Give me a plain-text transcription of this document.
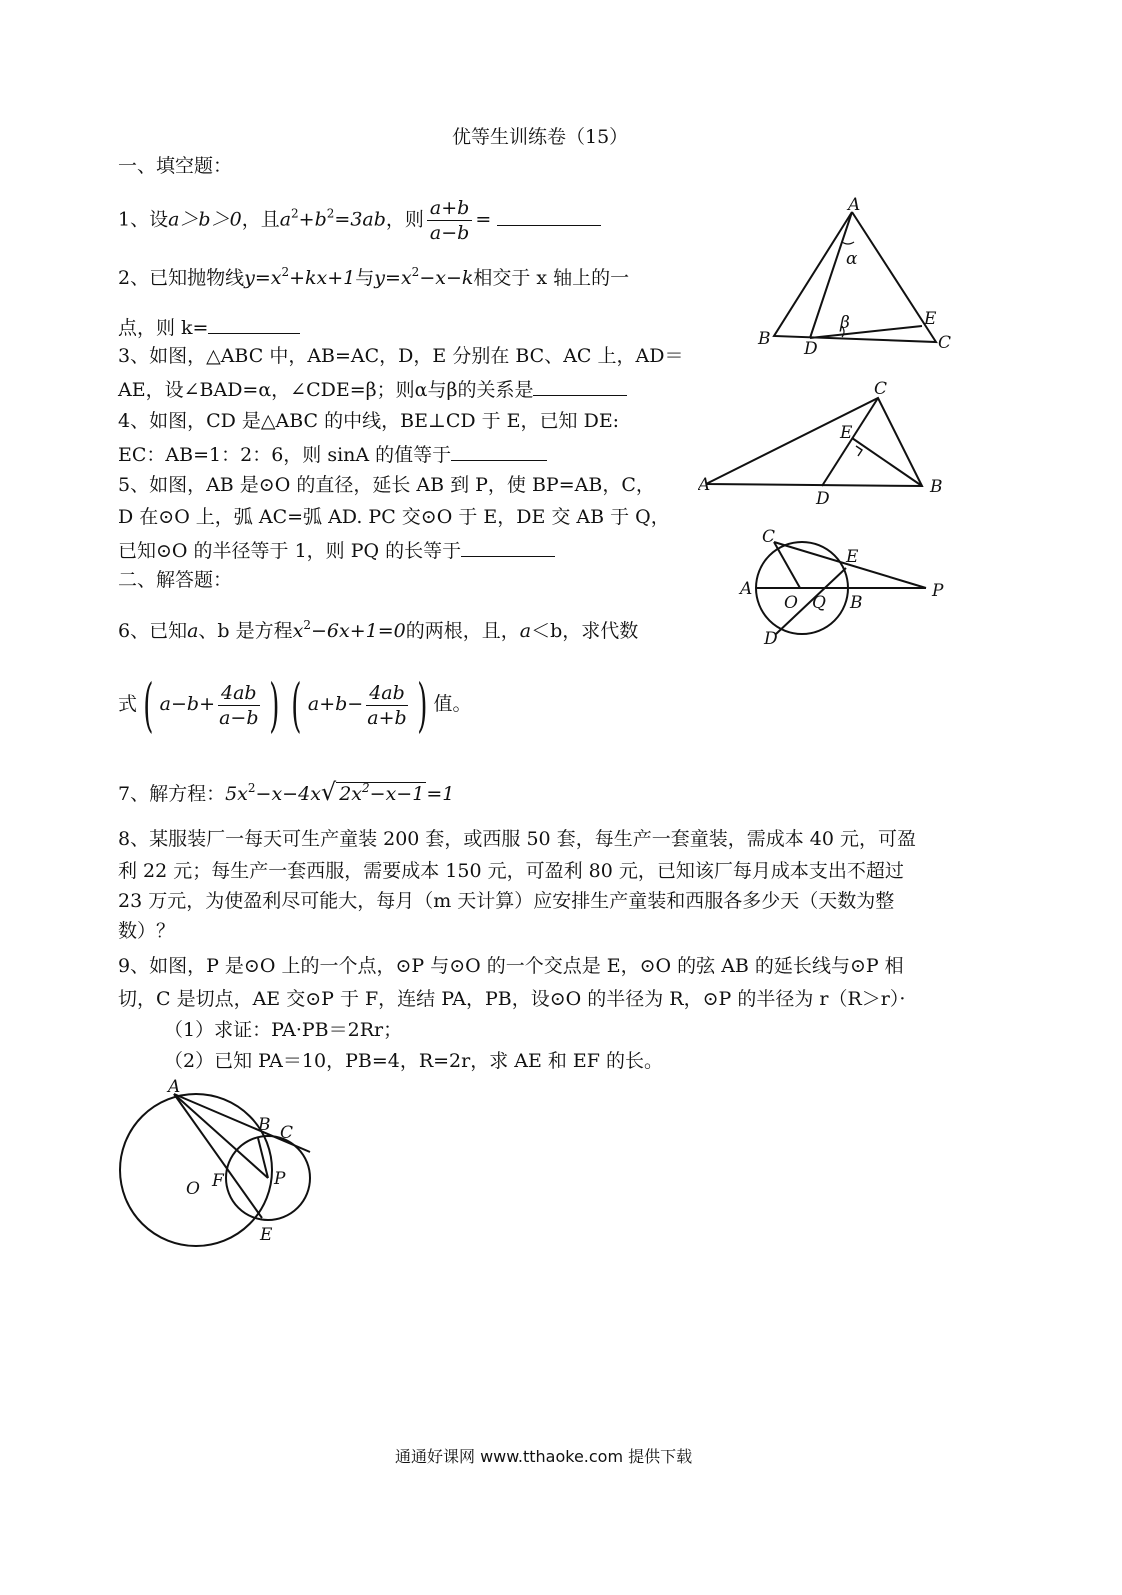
优等生训练卷（15）
一、填空题：
1、设a＞b＞0，且$a^2+b^2=3ab$，则 $\frac{a+b}{a-b}$ =
2、已知抛物线$y=x^2+kx+1$与$y=x^2-x-k$相交于 x 轴上的一
点，则 k=
3、如图，△ABC 中，AB=AC，D，E 分别在 BC、AC 上，AD＝
AE，设∠BAD=α，∠CDE=β；则α与β的关系是
4、如图，CD 是△ABC 的中线，BE⊥CD 于 E，已知 DE:
EC：AB=1：2：6，则 sinA 的值等于
5、如图，AB 是⊙O 的直径，延长 AB 到 P，使 BP=AB，C，
D 在⊙O 上，弧 AC=弧 AD. PC 交⊙O 于 E，DE 交 AB 于 Q，
已知⊙O 的半径等于 1，则 PQ 的长等于
二、解答题：
6、已知a、b 是方程$x^2-6x+1=0$的两根，且，a＜b，求代数
式 ( $a-b+ \frac{4ab}{a-b}$ ) ( $a+b- \frac{4ab}{a+b}$ ) 值。
7、解方程：$5x^2-x-4x√$ $2x^2-x-1 =1$
8、某服装厂一每天可生产童装 200 套，或西服 50 套，每生产一套童装，需成本 40 元，可盈
利 22 元；每生产一套西服，需要成本 150 元，可盈利 80 元，已知该厂每月成本支出不超过
23 万元，为使盈利尽可能大，每月（m 天计算）应安排生产童装和西服各多少天（天数为整
数）？
9、如图，P 是⊙O 上的一个点，⊙P 与⊙O 的一个交点是 E，⊙O 的弦 AB 的延长线与⊙P 相
切，C 是切点，AE 交⊙P 于 F，连结 PA，PB，设⊙O 的半径为 R，⊙P 的半径为 r（R＞r）·
（1）求证：PA·PB＝2Rr；
（2）已知 PA＝10，PB=4，R=2r，求 AE 和 EF 的长。
A
B	C
D
E
α
β
A	B
C
D
E
A
B
C
D
E
O Q
P
A
B C
E
F
O	P
通通好课网 www.tthaoke.com 提供下载
